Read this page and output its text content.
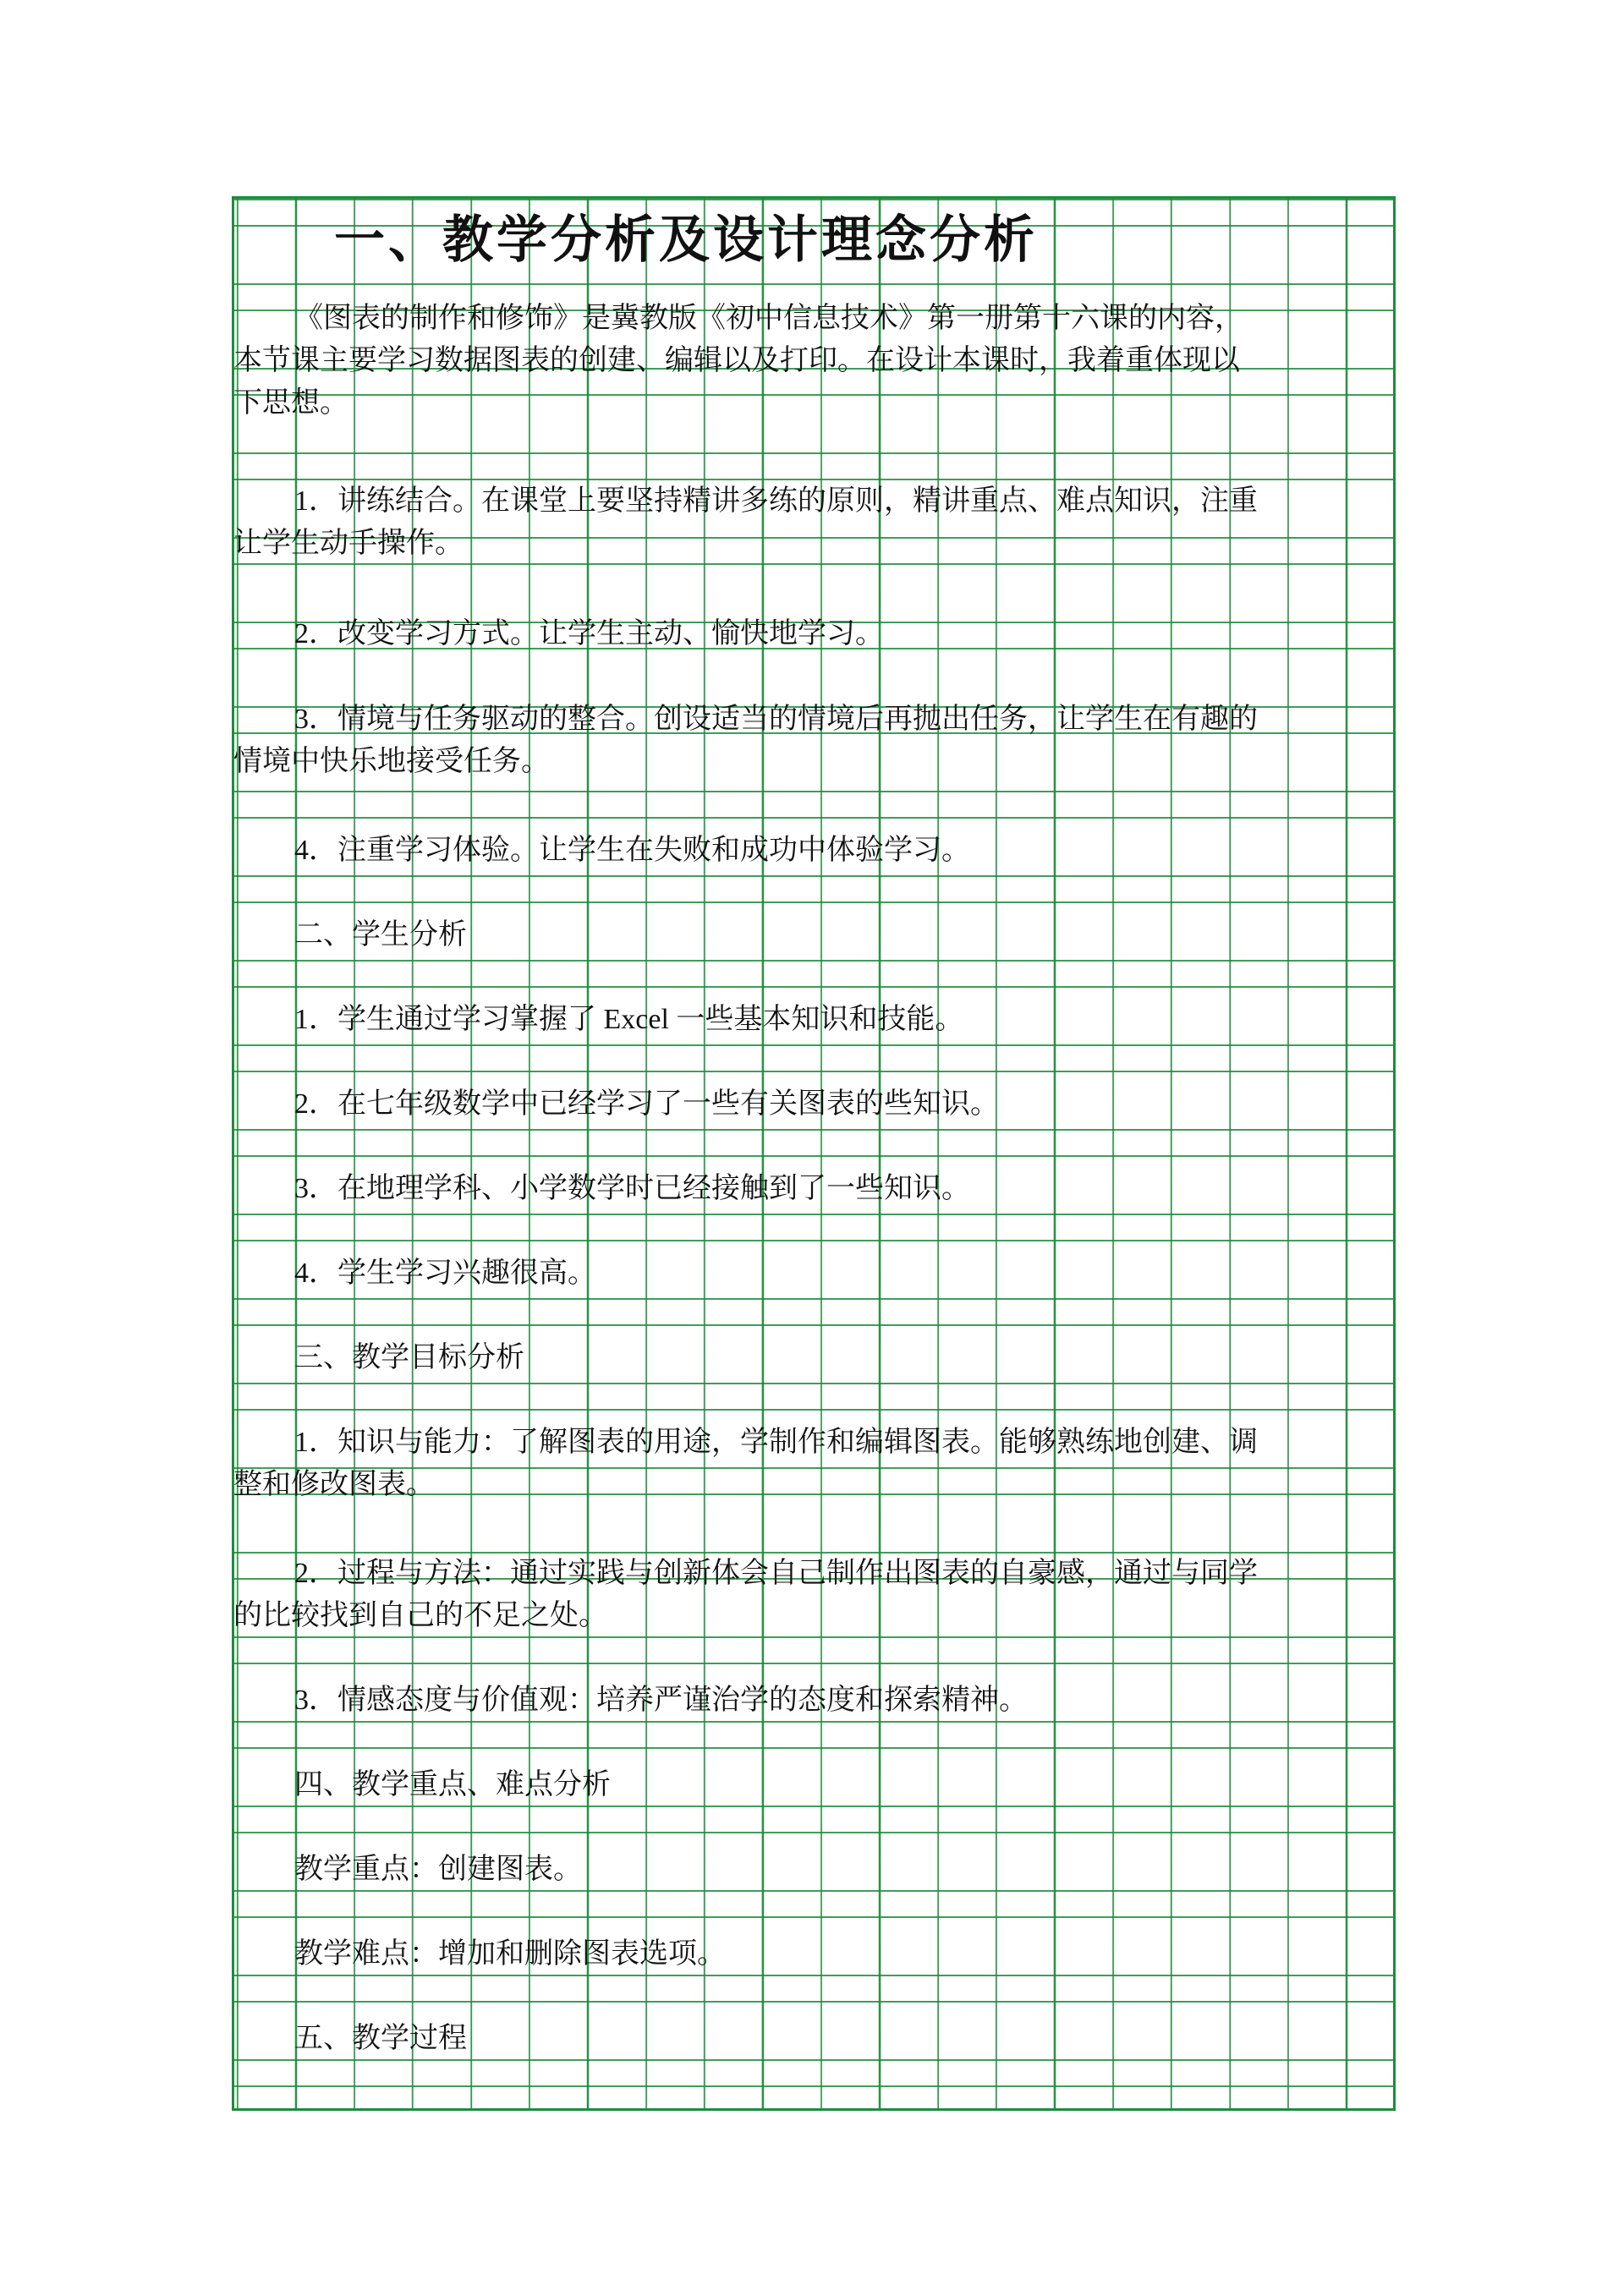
一、教学分析及设计理念分析
《图表的制作和修饰》是冀教版《初中信息技术》第一册第十六课的内容，
本节课主要学习数据图表的创建、编辑以及打印。在设计本课时，我着重体现以
下思想。
1．讲练结合。在课堂上要坚持精讲多练的原则，精讲重点、难点知识，注重
让学生动手操作。
2．改变学习方式。让学生主动、愉快地学习。
3．情境与任务驱动的整合。创设适当的情境后再抛出任务，让学生在有趣的
情境中快乐地接受任务。
4．注重学习体验。让学生在失败和成功中体验学习。
二、学生分析
1．学生通过学习掌握了 Excel 一些基本知识和技能。
2．在七年级数学中已经学习了一些有关图表的些知识。
3．在地理学科、小学数学时已经接触到了一些知识。
4．学生学习兴趣很高。
三、教学目标分析
1．知识与能力：了解图表的用途，学制作和编辑图表。能够熟练地创建、调
整和修改图表。
2．过程与方法：通过实践与创新体会自己制作出图表的自豪感，通过与同学
的比较找到自己的不足之处。
3．情感态度与价值观：培养严谨治学的态度和探索精神。
四、教学重点、难点分析
教学重点：创建图表。
教学难点：增加和删除图表选项。
五、教学过程
